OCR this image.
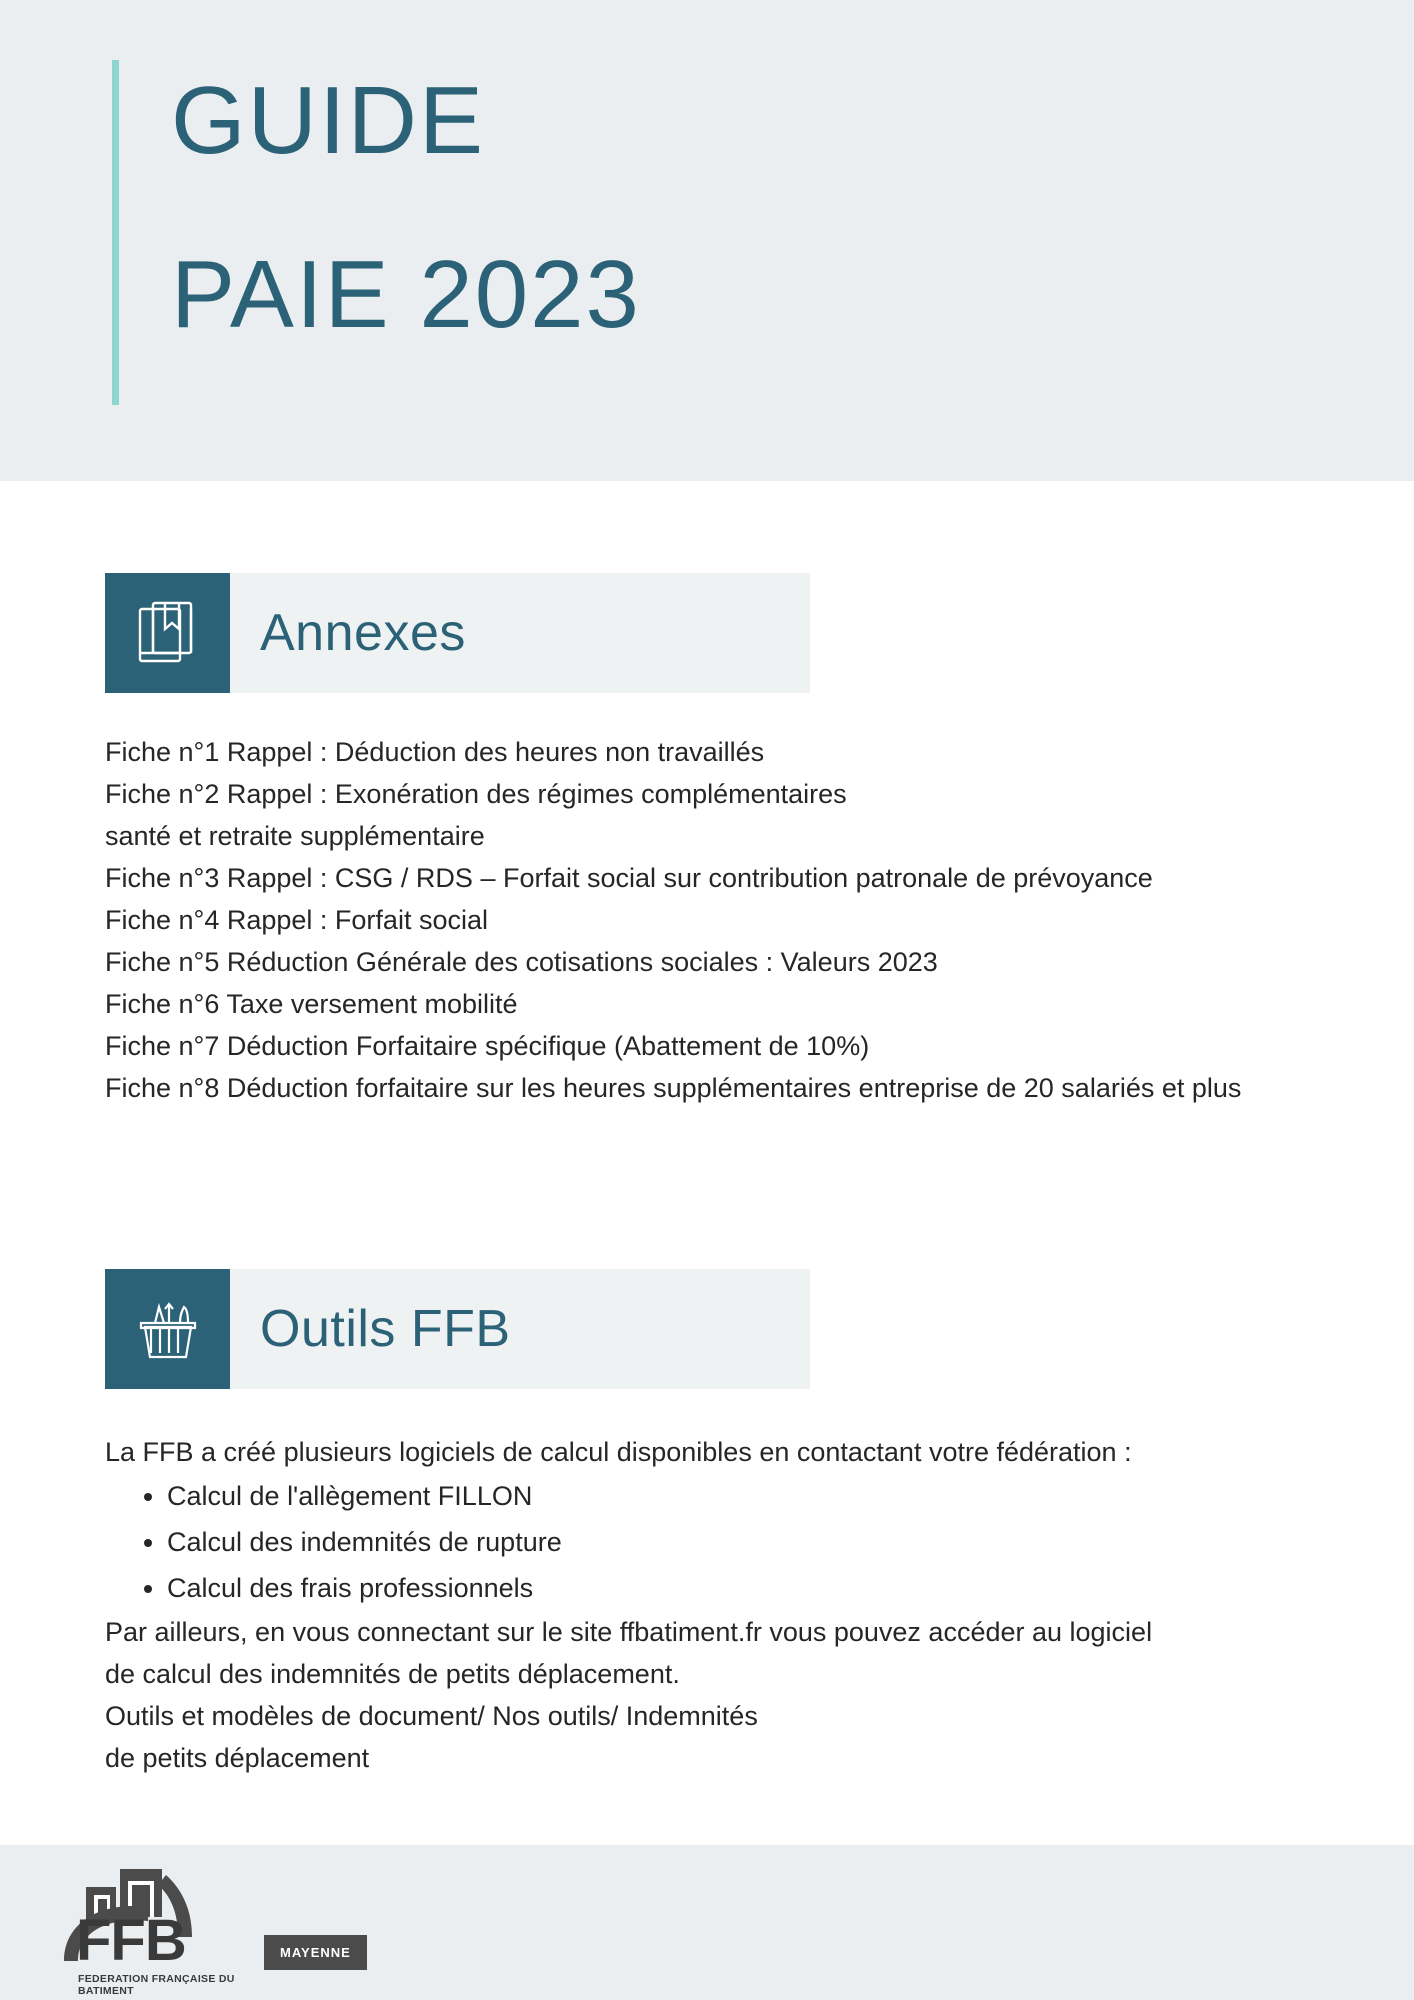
GUIDE
PAIE 2023
Annexes

Fiche n°1 Rappel : Déduction des heures non travaillés

Fiche n°2 Rappel : Exonération des régimes complémentaires

santé et retraite supplémentaire

Fiche n°3 Rappel : CSG / RDS – Forfait social sur contribution patronale de prévoyance

Fiche n°4 Rappel : Forfait social

Fiche n°5 Réduction Générale des cotisations sociales : Valeurs 2023

Fiche n°6 Taxe versement mobilité

Fiche n°7 Déduction Forfaitaire spécifique (Abattement de 10%)

Fiche n°8 Déduction forfaitaire sur les heures supplémentaires entreprise de 20 salariés et plus

Outils FFB

La FFB a créé plusieurs logiciels de calcul disponibles en contactant votre fédération :

• Calcul de l'allègement FILLON
• Calcul des indemnités de rupture
• Calcul des frais professionnels

Par ailleurs, en vous connectant sur le site ffbatiment.fr vous pouvez accéder au logiciel

de calcul des indemnités de petits déplacement.

Outils et modèles de document/ Nos outils/ Indemnités

de petits déplacement

FFB
FEDERATION FRANÇAISE DU BATIMENT
MAYENNE
